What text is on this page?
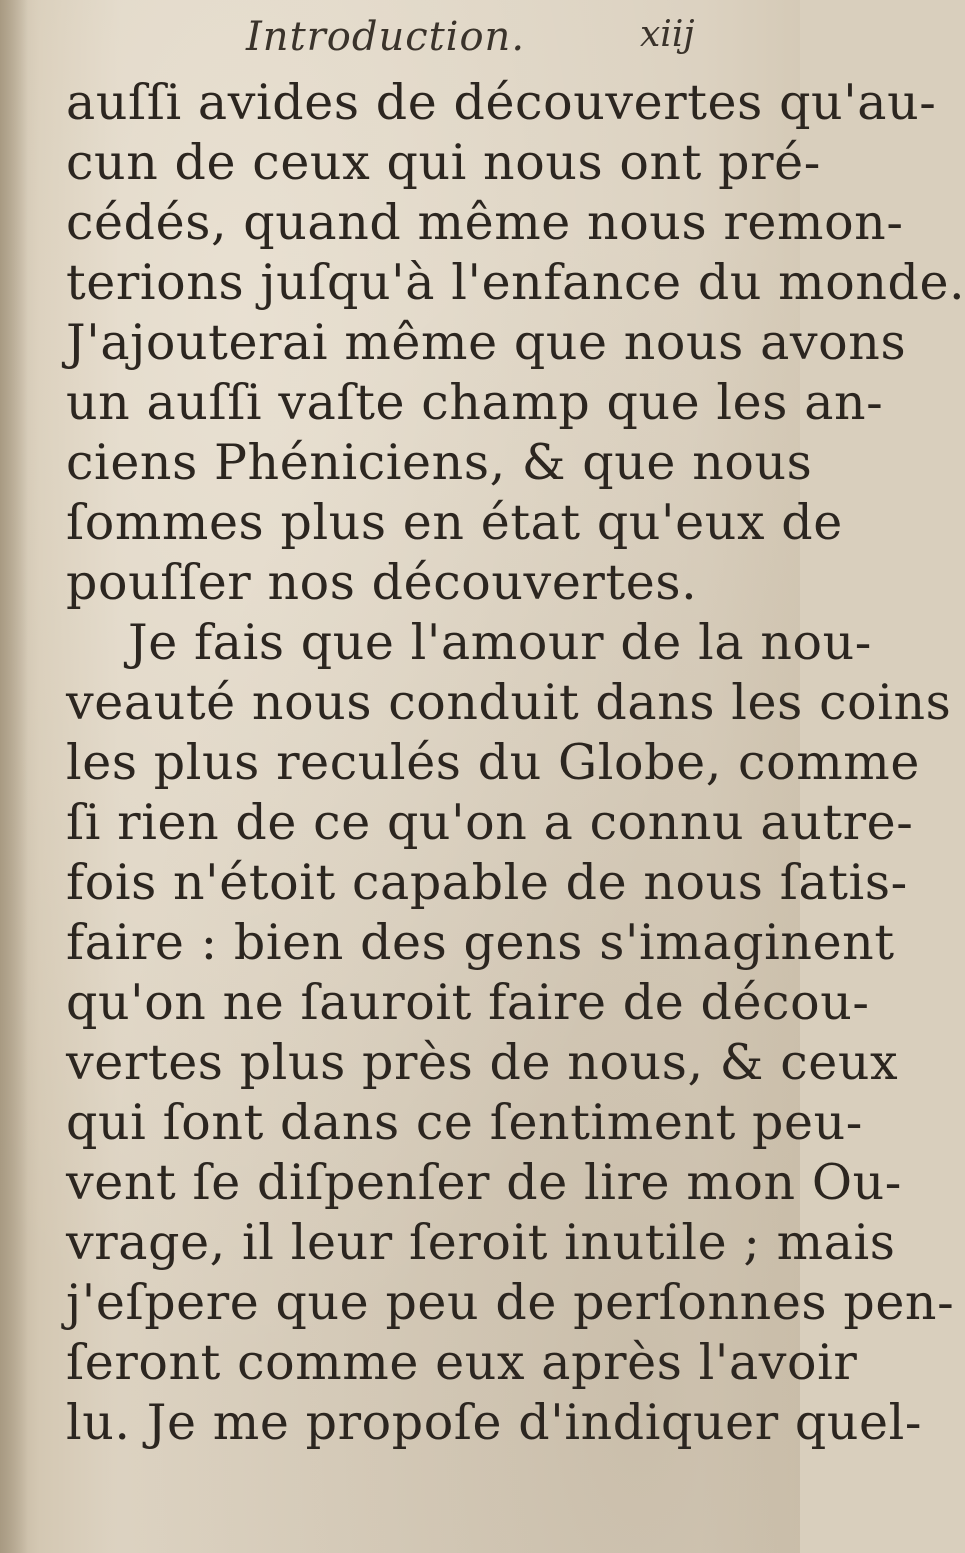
Introduction.	xiij
auſſi avides de découvertes qu'au-
cun de ceux qui nous ont pré-
cédés, quand même nous remon-
terions juſqu'à l'enfance du monde.
J'ajouterai même que nous avons
un auſſi vaſte champ que les an-
ciens Phéniciens, & que nous
ſommes plus en état qu'eux de
pouſſer nos découvertes.
Je fais que l'amour de la nou-
veauté nous conduit dans les coins
les plus reculés du Globe, comme
ſi rien de ce qu'on a connu autre-
fois n'étoit capable de nous ſatis-
faire : bien des gens s'imaginent
qu'on ne ſauroit faire de décou-
vertes plus près de nous, & ceux
qui ſont dans ce ſentiment peu-
vent ſe diſpenſer de lire mon Ou-
vrage, il leur ſeroit inutile ; mais
j'eſpere que peu de perſonnes pen-
ſeront comme eux après l'avoir
lu. Je me propoſe d'indiquer quel-
